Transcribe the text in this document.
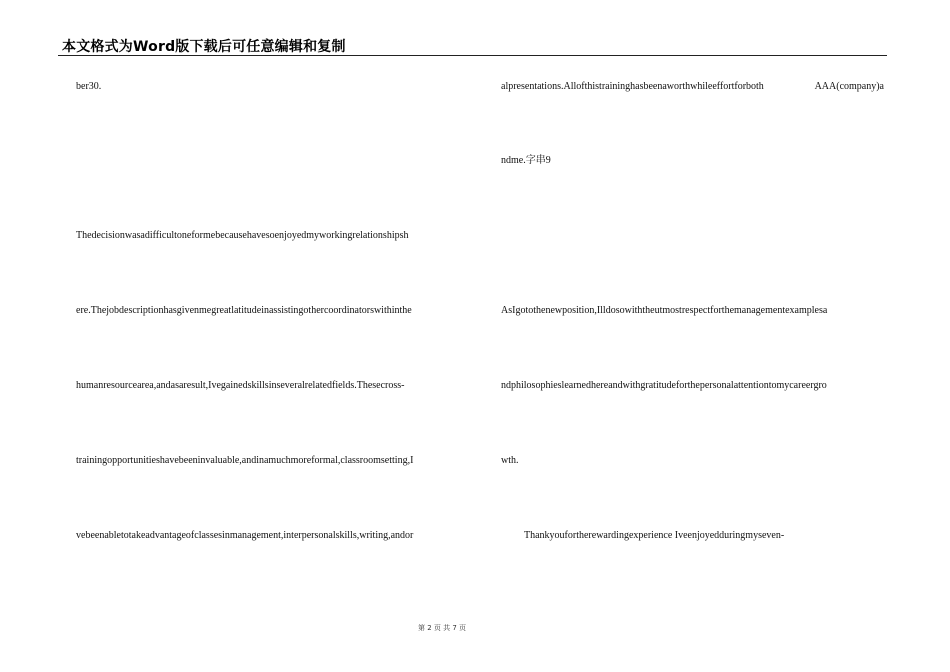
本文格式为Word版下载后可任意编辑和复制
ber30.
Thedecisionwasadifficultoneformebecausehavesoenjoyedmyworkingrelationshipsh
ere.Thejobdescriptionhasgivenmegreatlatitudeinassistingothercoordinatorswithinthe
humanresourcearea,andasaresult,Ivegainedskillsinseveralrelatedfields.Thesecross-
trainingopportunitieshavebeeninvaluable,andinamuchmoreformal,classroomsetting,I
vebeenabletotakeadvantageofclassesinmanagement,interpersonalskills,writing,andor
alpresentations.Allofthistraininghasbeenaworthwhileeffortforboth AAA(company)a
ndme.字串9
AsIgotothenewposition,Illdosowiththeutmostrespectforthemanagementexamplesa
ndphilosophieslearnedhereandwithgratitudeforthepersonalattentiontomycareergro
wth.
Thankyoufortherewardingexperience Iveenjoyedduringmyseven-
第 2 页 共 7 页
